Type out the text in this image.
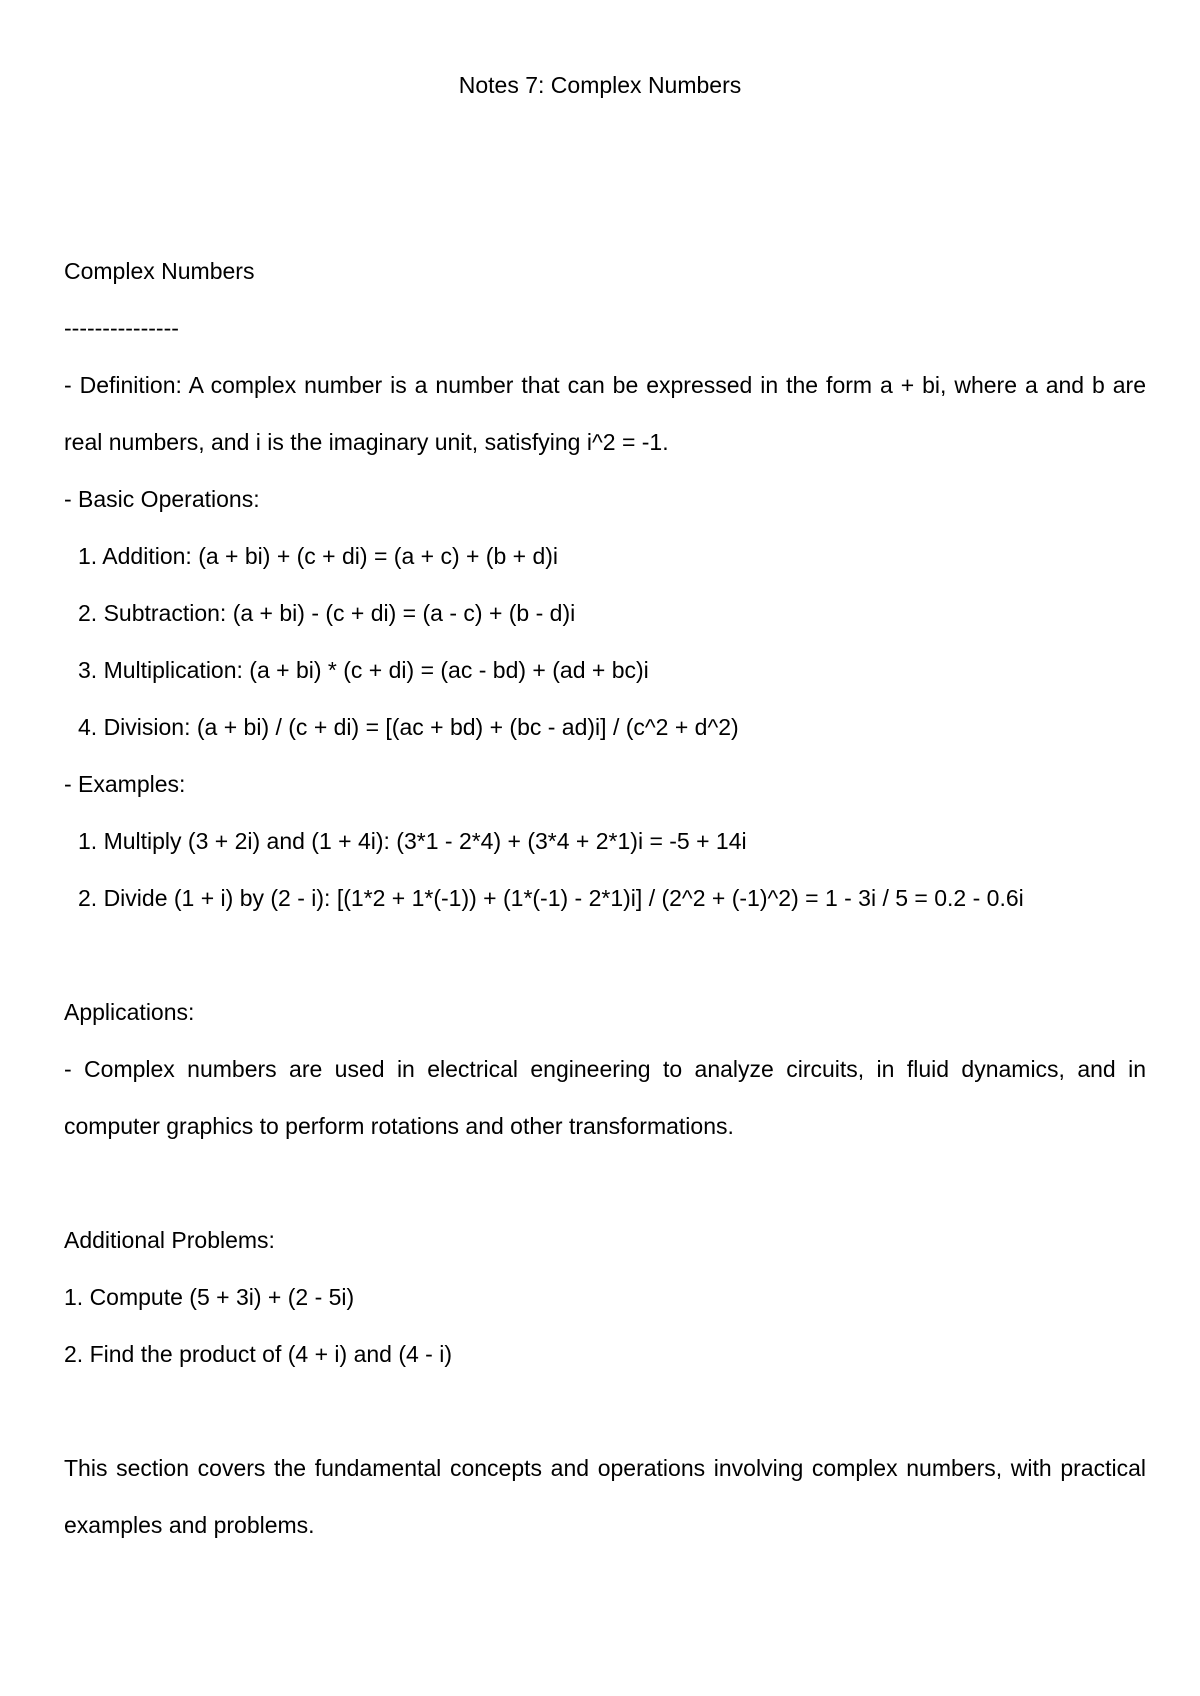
Notes 7: Complex Numbers
Complex Numbers
---------------
- Definition: A complex number is a number that can be expressed in the form a + bi, where a and b are real numbers, and i is the imaginary unit, satisfying i^2 = -1.
- Basic Operations:
1. Addition: (a + bi) + (c + di) = (a + c) + (b + d)i
2. Subtraction: (a + bi) - (c + di) = (a - c) + (b - d)i
3. Multiplication: (a + bi) * (c + di) = (ac - bd) + (ad + bc)i
4. Division: (a + bi) / (c + di) = [(ac + bd) + (bc - ad)i] / (c^2 + d^2)
- Examples:
1. Multiply (3 + 2i) and (1 + 4i): (3*1 - 2*4) + (3*4 + 2*1)i = -5 + 14i
2. Divide (1 + i) by (2 - i): [(1*2 + 1*(-1)) + (1*(-1) - 2*1)i] / (2^2 + (-1)^2) = 1 - 3i / 5 = 0.2 - 0.6i
Applications:
- Complex numbers are used in electrical engineering to analyze circuits, in fluid dynamics, and in computer graphics to perform rotations and other transformations.
Additional Problems:
1. Compute (5 + 3i) + (2 - 5i)
2. Find the product of (4 + i) and (4 - i)
This section covers the fundamental concepts and operations involving complex numbers, with practical examples and problems.
